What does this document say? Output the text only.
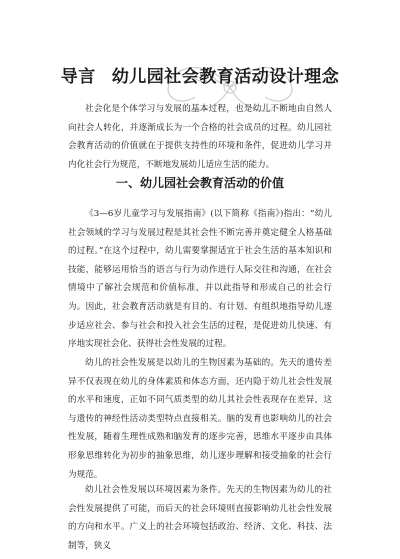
导言 幼儿园社会教育活动设计理念

社会化是个体学习与发展的基本过程，也是幼儿不断地由自然人向社会人转化，并逐渐成长为一个合格的社会成员的过程。幼儿园社会教育活动的价值就在于提供支持性的环境和条件，促进幼儿学习并内化社会行为规范，不断地发展幼儿适应生活的能力。

一、幼儿园社会教育活动的价值

《3—6岁儿童学习与发展指南》(以下简称《指南》)指出：“幼儿社会领域的学习与发展过程是其社会性不断完善并奠定健全人格基础的过程。”在这个过程中，幼儿需要掌握适宜于社会生活的基本知识和技能，能够运用恰当的语言与行为动作进行人际交往和沟通，在社会情境中了解社会规范和价值标准，并以此指导和形成自己的社会行为。因此，社会教育活动就是有目的、有计划、有组织地指导幼儿逐步适应社会、参与社会和投入社会生活的过程，是促进幼儿快速、有序地实现社会化、获得社会性发展的过程。

幼儿的社会性发展是以幼儿的生物因素为基础的。先天的遗传差异不仅表现在幼儿的身体素质和体态方面，还内隐于幼儿社会性发展的水平和速度，正如不同气质类型的幼儿其社会性表现存在差异，这与遗传的神经性活动类型特点直接相关。脑的发育也影响幼儿的社会性发展，随着生理性成熟和脑发育的逐步完善，思维水平逐步由具体形象思维转化为初步的抽象思维，幼儿逐步理解和接受抽象的社会行为规范。

幼儿社会性发展以环境因素为条件。先天的生物因素为幼儿的社会性发展提供了可能，而后天的社会环境则直接影响幼儿社会性发展的方向和水平。广义上的社会环境包括政治、经济、文化、科技、法制等，狭义
